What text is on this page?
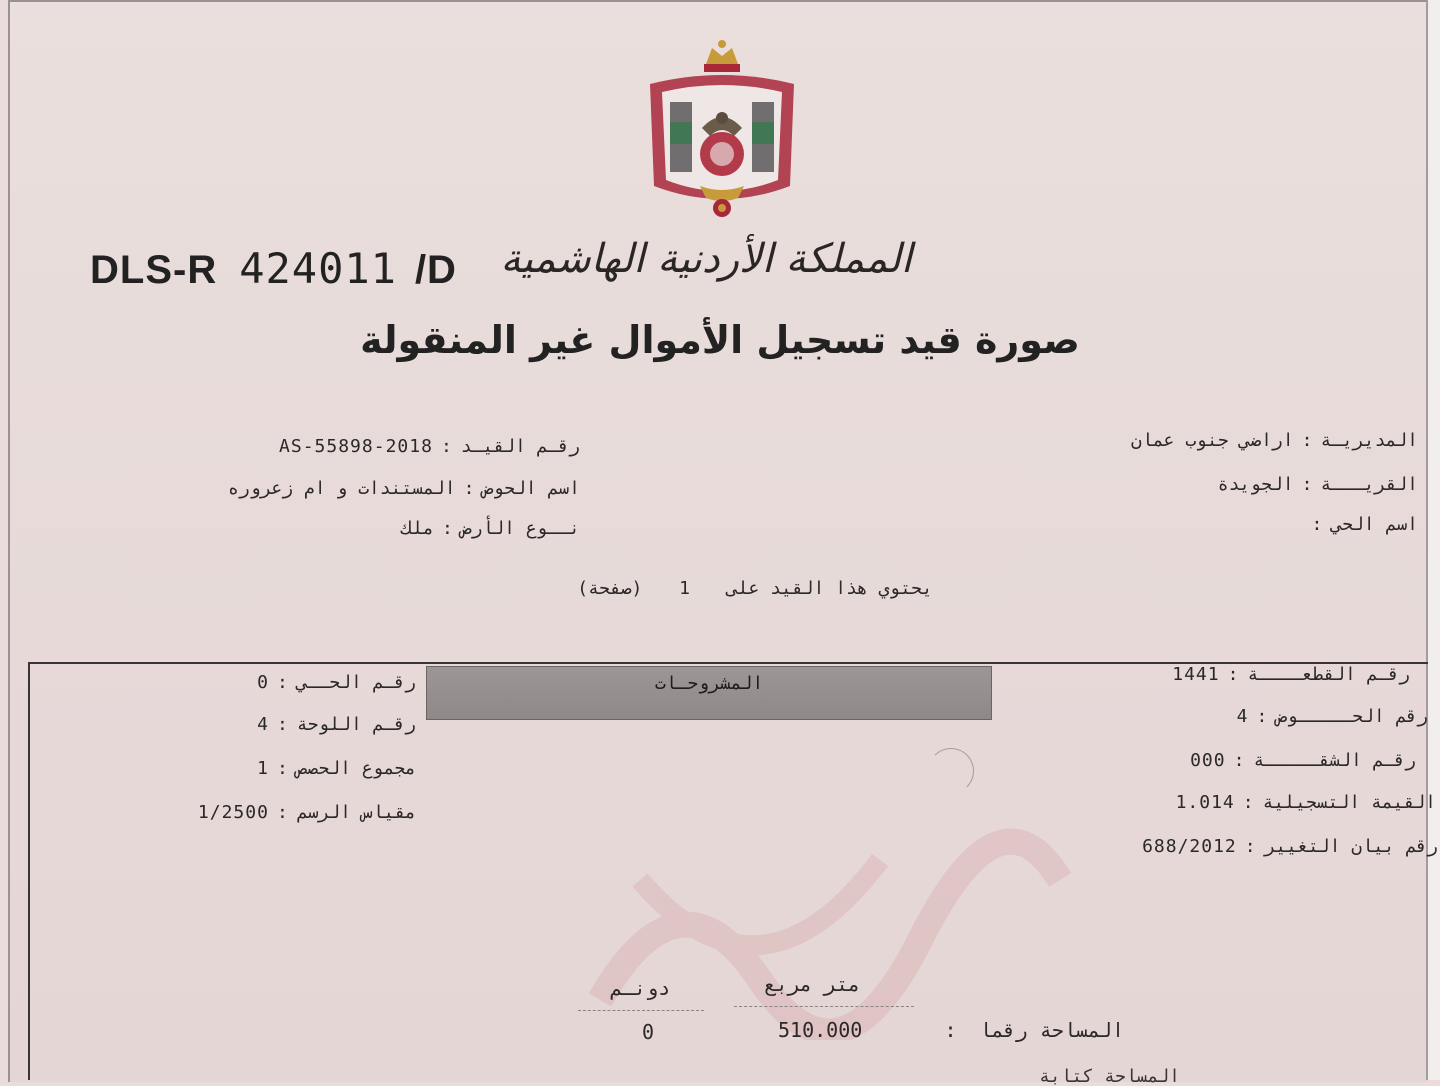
DLS-R 424011 /D المملكة الأردنية الهاشمية
صورة قيد تسجيل الأموال غير المنقولة
المديريـة:اراضي جنوب عمان
القريـــة:الجويدة
اسم الحي:
رقـم القيـد:2018-AS-55898
اسم الحوض:المستندات و ام زعروره
نــوع الأرض:ملك
يحتوي هذا القيد على 1 (صفحة)
المشروحـات	رقـم القطعــــة:1441
رقم الحـــــوض:4
رقـم الشقـــــة:000
القيمة التسجيلية:1.014
رقم بيان التغيير:688/2012
رقـم الحــي:0
رقـم اللوحة:4
مجموع الحصص:1
مقياس الرسم:1/2500
متر مربع
دونـم
المساحة رقما:
510.000
0
المساحة كتابة
